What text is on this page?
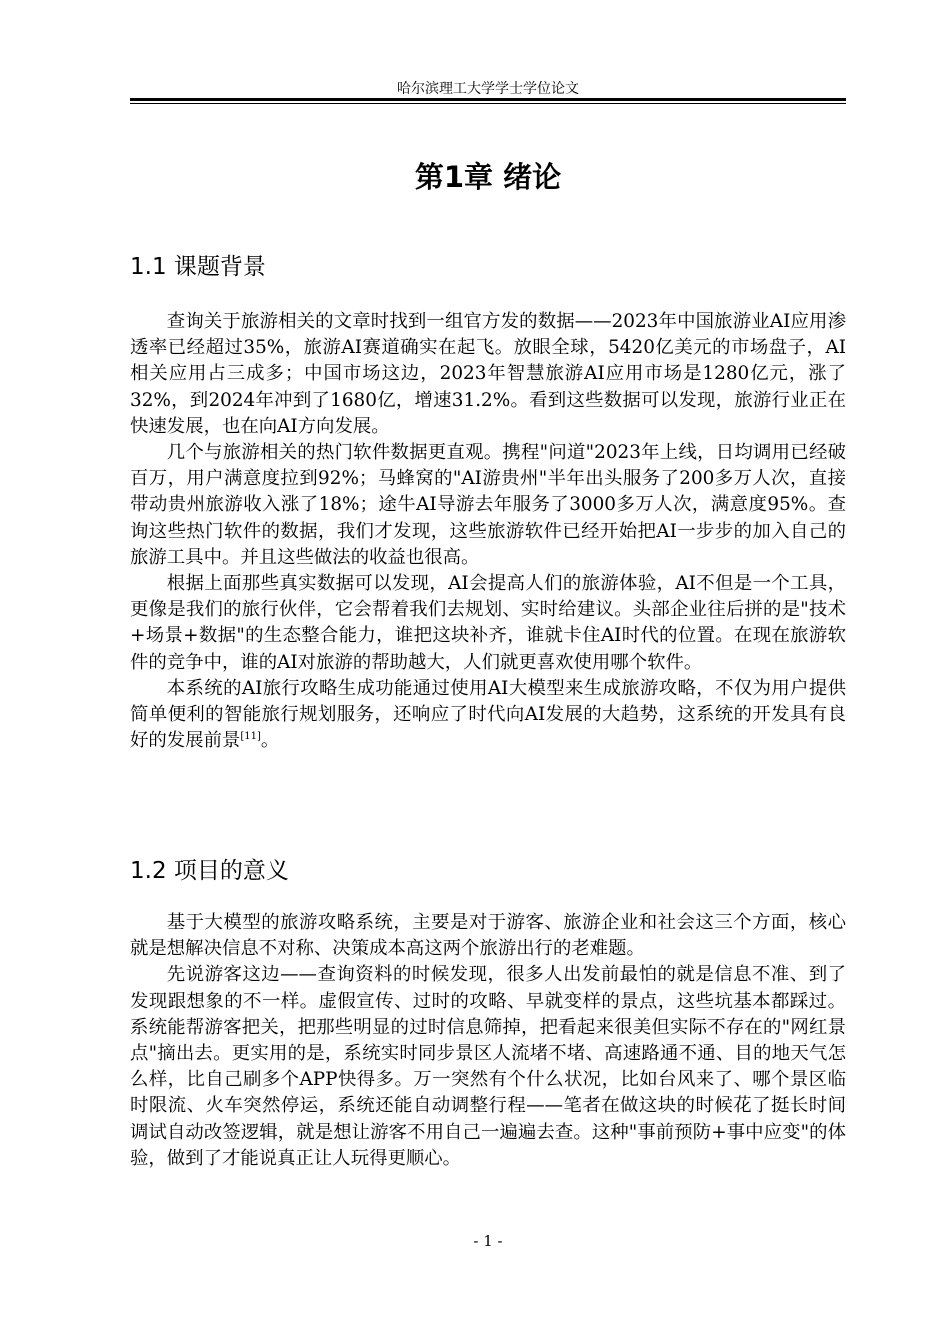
哈尔滨理工大学学士学位论文
第1章 绪论
1.1 课题背景

查询关于旅游相关的文章时找到一组官方发的数据——2023年中国旅游业AI应用渗透率已经超过35%，旅游AI赛道确实在起飞。放眼全球，5420亿美元的市场盘子，AI相关应用占三成多；中国市场这边，2023年智慧旅游AI应用市场是1280亿元，涨了32%，到2024年冲到了1680亿，增速31.2%。看到这些数据可以发现，旅游行业正在快速发展，也在向AI方向发展。

几个与旅游相关的热门软件数据更直观。携程"问道"2023年上线，日均调用已经破百万，用户满意度拉到92%；马蜂窝的"AI游贵州"半年出头服务了200多万人次，直接带动贵州旅游收入涨了18%；途牛AI导游去年服务了3000多万人次，满意度95%。查询这些热门软件的数据，我们才发现，这些旅游软件已经开始把AI一步步的加入自己的旅游工具中。并且这些做法的收益也很高。

根据上面那些真实数据可以发现，AI会提高人们的旅游体验，AI不但是一个工具，更像是我们的旅行伙伴，它会帮着我们去规划、实时给建议。头部企业往后拼的是"技术+场景+数据"的生态整合能力，谁把这块补齐，谁就卡住AI时代的位置。在现在旅游软件的竞争中，谁的AI对旅游的帮助越大，人们就更喜欢使用哪个软件。

本系统的AI旅行攻略生成功能通过使用AI大模型来生成旅游攻略，不仅为用户提供简单便利的智能旅行规划服务，还响应了时代向AI发展的大趋势，这系统的开发具有良好的发展前景[11]。

1.2 项目的意义

基于大模型的旅游攻略系统，主要是对于游客、旅游企业和社会这三个方面，核心就是想解决信息不对称、决策成本高这两个旅游出行的老难题。

先说游客这边——查询资料的时候发现，很多人出发前最怕的就是信息不准、到了发现跟想象的不一样。虚假宣传、过时的攻略、早就变样的景点，这些坑基本都踩过。系统能帮游客把关，把那些明显的过时信息筛掉，把看起来很美但实际不存在的"网红景点"摘出去。更实用的是，系统实时同步景区人流堵不堵、高速路通不通、目的地天气怎么样，比自己刷多个APP快得多。万一突然有个什么状况，比如台风来了、哪个景区临时限流、火车突然停运，系统还能自动调整行程——笔者在做这块的时候花了挺长时间调试自动改签逻辑，就是想让游客不用自己一遍遍去查。这种"事前预防+事中应变"的体验，做到了才能说真正让人玩得更顺心。

- 1 -
